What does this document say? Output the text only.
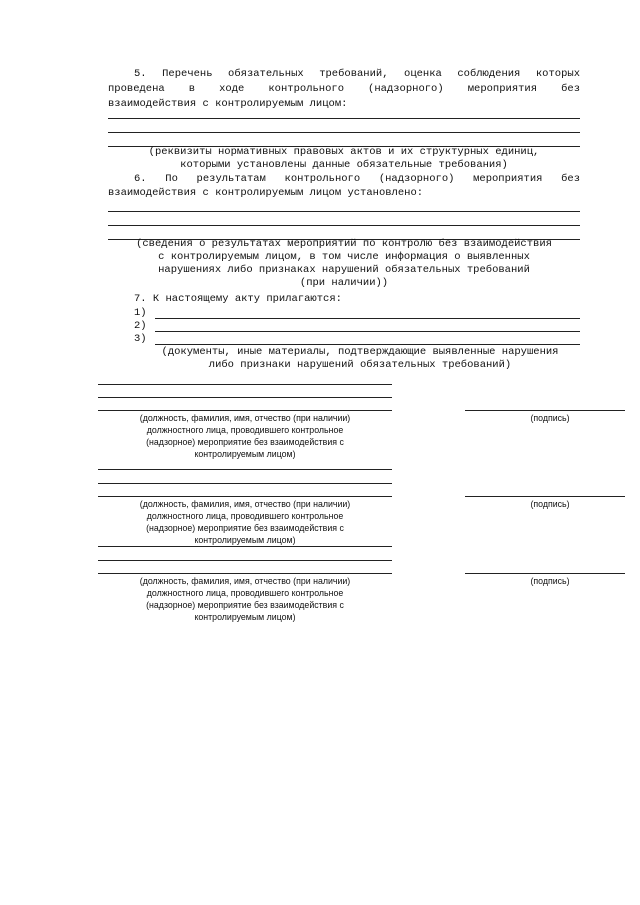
5. Перечень обязательных требований, оценка соблюдения которых
проведена в ходе контрольного (надзорного) мероприятия без
взаимодействия с контролируемым лицом:
(реквизиты нормативных правовых актов и их структурных единиц,
которыми установлены данные обязательные требования)
6. По результатам контрольного (надзорного) мероприятия без
взаимодействия с контролируемым лицом установлено:
(сведения о результатах мероприятий по контролю без взаимодействия
с контролируемым лицом, в том числе информация о выявленных
нарушениях либо признаках нарушений обязательных требований
(при наличии))
7. К настоящему акту прилагаются:
1)
2)
3)
(документы, иные материалы, подтверждающие выявленные нарушения
либо признаки нарушений обязательных требований)
(должность, фамилия, имя, отчество (при наличии)
должностного лица, проводившего контрольное
(надзорное) мероприятие без взаимодействия с
контролируемым лицом)
(подпись)
(должность, фамилия, имя, отчество (при наличии)
должностного лица, проводившего контрольное
(надзорное) мероприятие без взаимодействия с
контролируемым лицом)
(подпись)
(должность, фамилия, имя, отчество (при наличии)
должностного лица, проводившего контрольное
(надзорное) мероприятие без взаимодействия с
контролируемым лицом)
(подпись)
